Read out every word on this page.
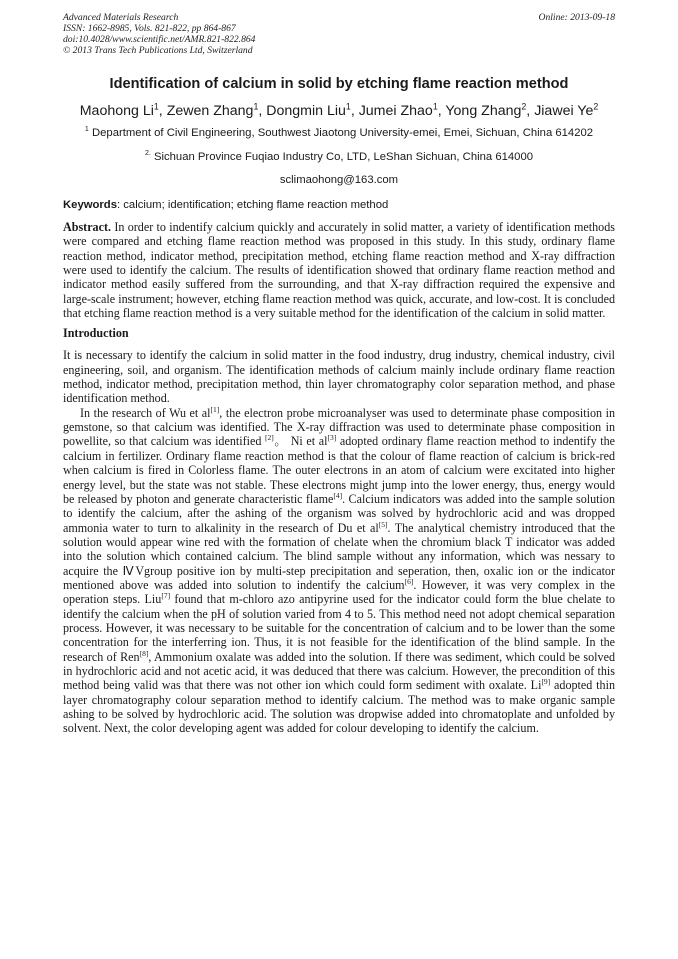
Advanced Materials Research
ISSN: 1662-8985, Vols. 821-822, pp 864-867
doi:10.4028/www.scientific.net/AMR.821-822.864
© 2013 Trans Tech Publications Ltd, Switzerland
Online: 2013-09-18
Identification of calcium in solid by etching flame reaction method
Maohong Li$^1$, Zewen Zhang$^1$, Dongmin Liu$^1$, Jumei Zhao$^1$, Yong Zhang$^2$, Jiawei Ye$^2$
$^1$ Department of Civil Engineering, Southwest Jiaotong University-emei, Emei, Sichuan, China 614202
$^{2.}$ Sichuan Province Fuqiao Industry Co, LTD, LeShan Sichuan, China 614000
sclimaohong@163.com
Keywords: calcium; identification; etching flame reaction method
Abstract. In order to indentify calcium quickly and accurately in solid matter, a variety of identification methods were compared and etching flame reaction method was proposed in this study. In this study, ordinary flame reaction method, indicator method, precipitation method, etching flame reaction method and X-ray diffraction were used to identify the calcium. The results of identification showed that ordinary flame reaction method and indicator method easily suffered from the surrounding, and that X-ray diffraction required the expensive and large-scale instrument; however, etching flame reaction method was quick, accurate, and low-cost. It is concluded that etching flame reaction method is a very suitable method for the identification of the calcium in solid matter.
Introduction
It is necessary to identify the calcium in solid matter in the food industry, drug industry, chemical industry, civil engineering, soil, and organism. The identification methods of calcium mainly include ordinary flame reaction method, indicator method, precipitation method, thin layer chromatography color separation method, and phase identification method.
In the research of Wu et al[1], the electron probe microanalyser was used to determinate phase composition in gemstone, so that calcium was identified. The X-ray diffraction was used to determinate phase composition in powellite, so that calcium was identified [2]。 Ni et al[3] adopted ordinary flame reaction method to indentify the calcium in fertilizer. Ordinary flame reaction method is that the colour of flame reaction of calcium is brick-red when calcium is fired in Colorless flame. The outer electrons in an atom of calcium were excitated into higher energy level, but the state was not stable. These electrons might jump into the lower energy, thus, energy would be released by photon and generate characteristic flame[4]. Calcium indicators was added into the sample solution to identify the calcium, after the ashing of the organism was solved by hydrochloric acid and was dropped ammonia water to turn to alkalinity in the research of Du et al[5]. The analytical chemistry introduced that the solution would appear wine red with the formation of chelate when the chromium black T indicator was added into the solution which contained calcium. The blind sample without any information, which was nessary to acquire the ⅣVgroup positive ion by multi-step precipitation and seperation, then, oxalic ion or the indicator mentioned above was added into solution to indentify the calcium[6]. However, it was very complex in the operation steps. Liu[7] found that m-chloro azo antipyrine used for the indicator could form the blue chelate to identify the calcium when the pH of solution varied from 4 to 5. This method need not adopt chemical separation process. However, it was necessary to be suitable for the concentration of calcium and to be lower than the some concentration for the interferring ion. Thus, it is not feasible for the identification of the blind sample. In the research of Ren[8], Ammonium oxalate was added into the solution. If there was sediment, which could be solved in hydrochloric acid and not acetic acid, it was deduced that there was calcium. However, the precondition of this method being valid was that there was not other ion which could form sediment with oxalate. Li[9] adopted thin layer chromatography colour separation method to identify calcium. The method was to make organic sample ashing to be solved by hydrochloric acid. The solution was dropwise added into chromatoplate and unfolded by solvent. Next, the color developing agent was added for colour developing to identify the calcium.
